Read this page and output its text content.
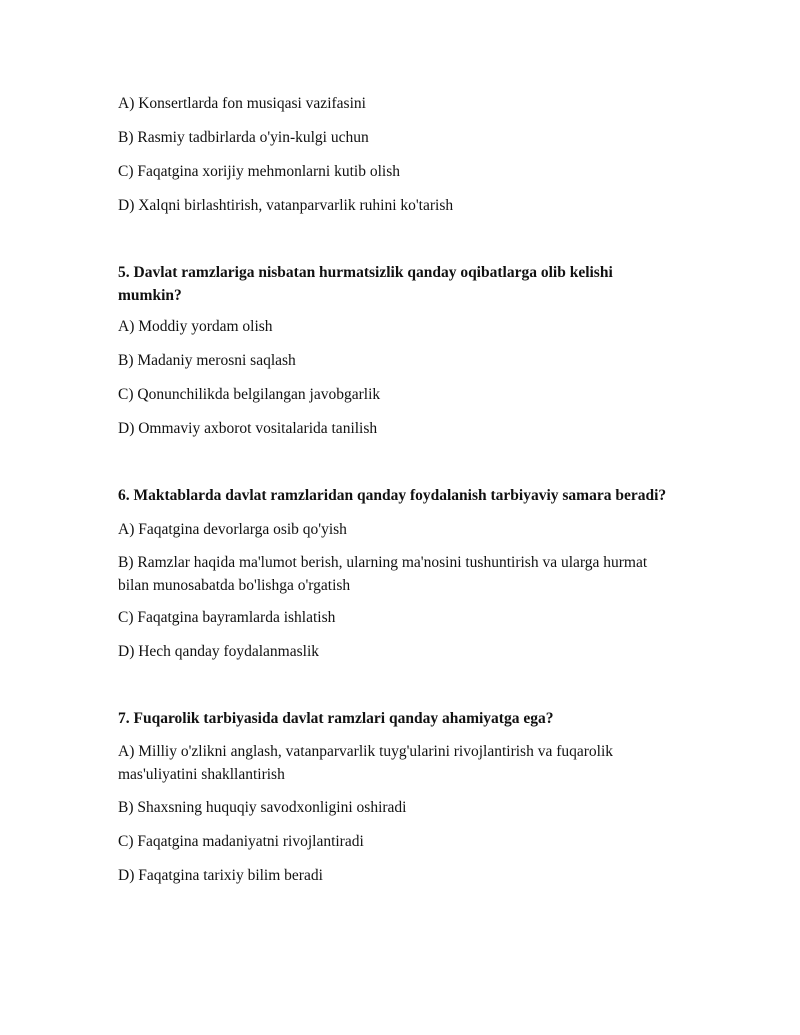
A) Konsertlarda fon musiqasi vazifasini
B) Rasmiy tadbirlarda o'yin-kulgi uchun
C) Faqatgina xorijiy mehmonlarni kutib olish
D) Xalqni birlashtirish, vatanparvarlik ruhini ko'tarish
5. Davlat ramzlariga nisbatan hurmatsizlik qanday oqibatlarga olib kelishi mumkin?
A) Moddiy yordam olish
B) Madaniy merosni saqlash
C) Qonunchilikda belgilangan javobgarlik
D) Ommaviy axborot vositalarida tanilish
6. Maktablarda davlat ramzlaridan qanday foydalanish tarbiyaviy samara beradi?
A) Faqatgina devorlarga osib qo'yish
B) Ramzlar haqida ma'lumot berish, ularning ma'nosini tushuntirish va ularga hurmat bilan munosabatda bo'lishga o'rgatish
C) Faqatgina bayramlarda ishlatish
D) Hech qanday foydalanmaslik
7. Fuqarolik tarbiyasida davlat ramzlari qanday ahamiyatga ega?
A) Milliy o'zlikni anglash, vatanparvarlik tuyg'ularini rivojlantirish va fuqarolik mas'uliyatini shakllantirish
B) Shaxsning huquqiy savodxonligini oshiradi
C) Faqatgina madaniyatni rivojlantiradi
D) Faqatgina tarixiy bilim beradi
